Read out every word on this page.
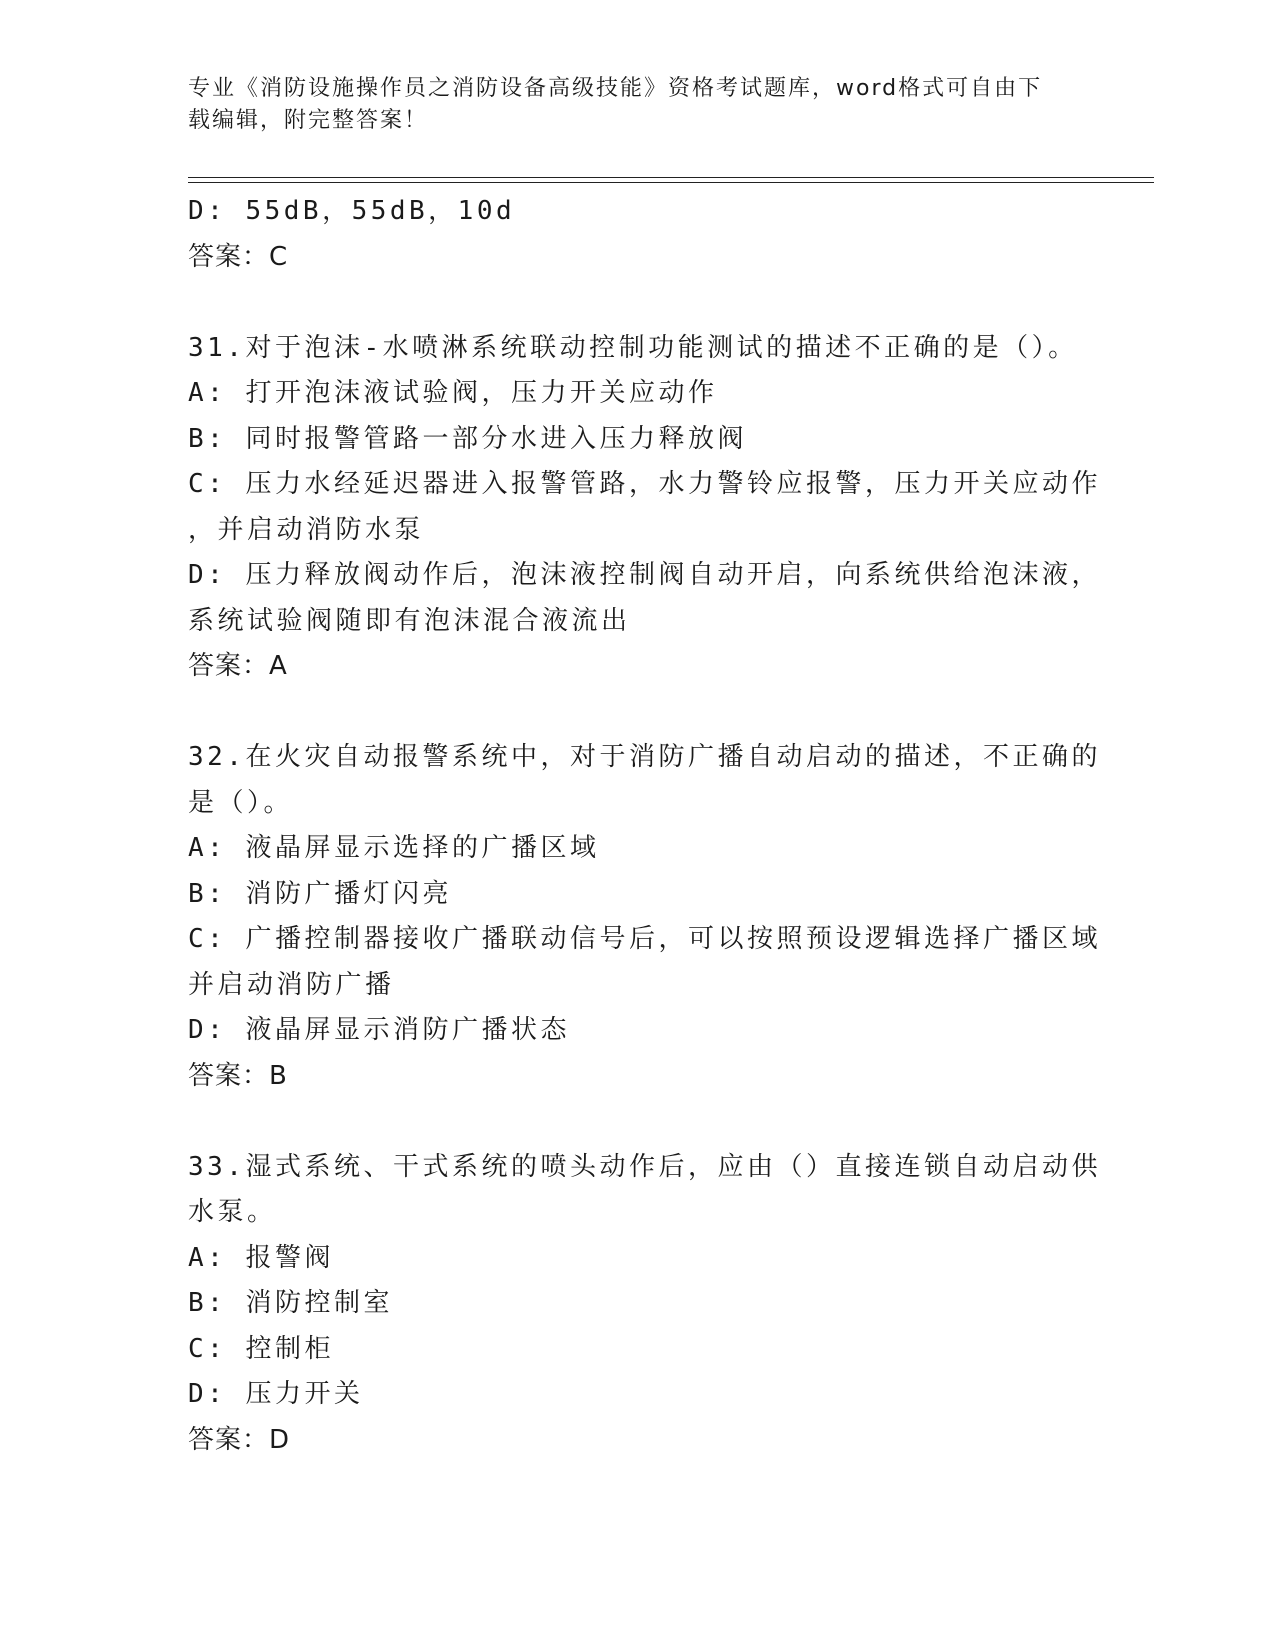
专业《消防设施操作员之消防设备高级技能》资格考试题库，word格式可自由下
载编辑，附完整答案！
D: 55dB，55dB，10d
答案：C
31.对于泡沫-水喷淋系统联动控制功能测试的描述不正确的是（）。
A: 打开泡沫液试验阀，压力开关应动作
B: 同时报警管路一部分水进入压力释放阀
C: 压力水经延迟器进入报警管路，水力警铃应报警，压力开关应动作
，并启动消防水泵
D: 压力释放阀动作后，泡沫液控制阀自动开启，向系统供给泡沫液，
系统试验阀随即有泡沫混合液流出
答案：A
32.在火灾自动报警系统中，对于消防广播自动启动的描述，不正确的
是（）。
A: 液晶屏显示选择的广播区域
B: 消防广播灯闪亮
C: 广播控制器接收广播联动信号后，可以按照预设逻辑选择广播区域
并启动消防广播
D: 液晶屏显示消防广播状态
答案：B
33.湿式系统、干式系统的喷头动作后，应由（）直接连锁自动启动供
水泵。
A: 报警阀
B: 消防控制室
C: 控制柜
D: 压力开关
答案：D
